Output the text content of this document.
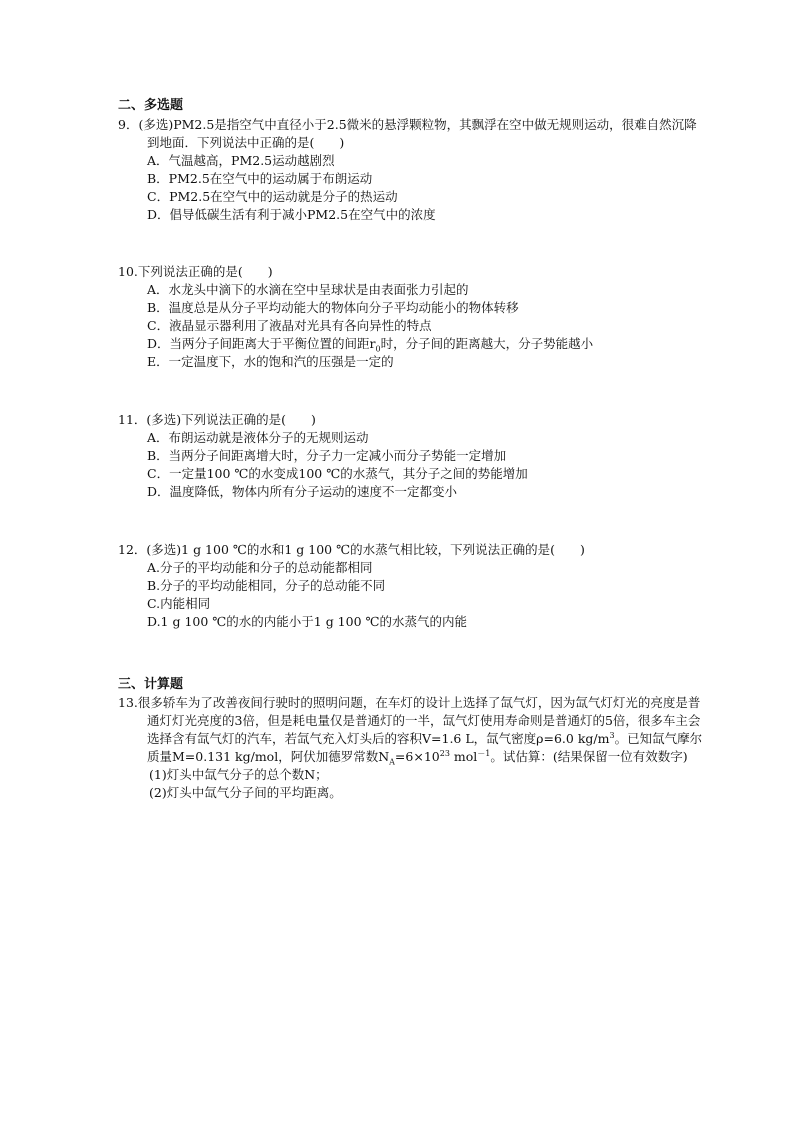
二、多选题
9．(多选)PM2.5是指空气中直径小于2.5微米的悬浮颗粒物，其飘浮在空中做无规则运动，很难自然沉降到地面．下列说法中正确的是(　　)
A．气温越高，PM2.5运动越剧烈
B．PM2.5在空气中的运动属于布朗运动
C．PM2.5在空气中的运动就是分子的热运动
D．倡导低碳生活有利于减小PM2.5在空气中的浓度
10.下列说法正确的是(　　)
A．水龙头中滴下的水滴在空中呈球状是由表面张力引起的
B．温度总是从分子平均动能大的物体向分子平均动能小的物体转移
C．液晶显示器利用了液晶对光具有各向异性的特点
D．当两分子间距离大于平衡位置的间距$r_0$时，分子间的距离越大，分子势能越小
E．一定温度下，水的饱和汽的压强是一定的
11．(多选)下列说法正确的是(　　)
A．布朗运动就是液体分子的无规则运动
B．当两分子间距离增大时，分子力一定减小而分子势能一定增加
C．一定量100 ℃的水变成100 ℃的水蒸气，其分子之间的势能增加
D．温度降低，物体内所有分子运动的速度不一定都变小
12．(多选)1 g 100 ℃的水和1 g 100 ℃的水蒸气相比较，下列说法正确的是(　　)
A.分子的平均动能和分子的总动能都相同
B.分子的平均动能相同，分子的总动能不同
C.内能相同
D.1 g 100 ℃的水的内能小于1 g 100 ℃的水蒸气的内能
三、计算题
13.很多轿车为了改善夜间行驶时的照明问题，在车灯的设计上选择了氙气灯，因为氙气灯灯光的亮度是普通灯灯光亮度的3倍，但是耗电量仅是普通灯的一半，氙气灯使用寿命则是普通灯的5倍，很多车主会选择含有氙气灯的汽车，若氙气充入灯头后的容积V=1.6 L，氙气密度ρ=6.0 $kg/m^3$。已知氙气摩尔质量M=0.131 kg/mol，阿伏加德罗常数$N_A=6\times 10^{23}$ mol$^{-1}$。试估算：(结果保留一位有效数字)
(1)灯头中氙气分子的总个数N；
(2)灯头中氙气分子间的平均距离。
